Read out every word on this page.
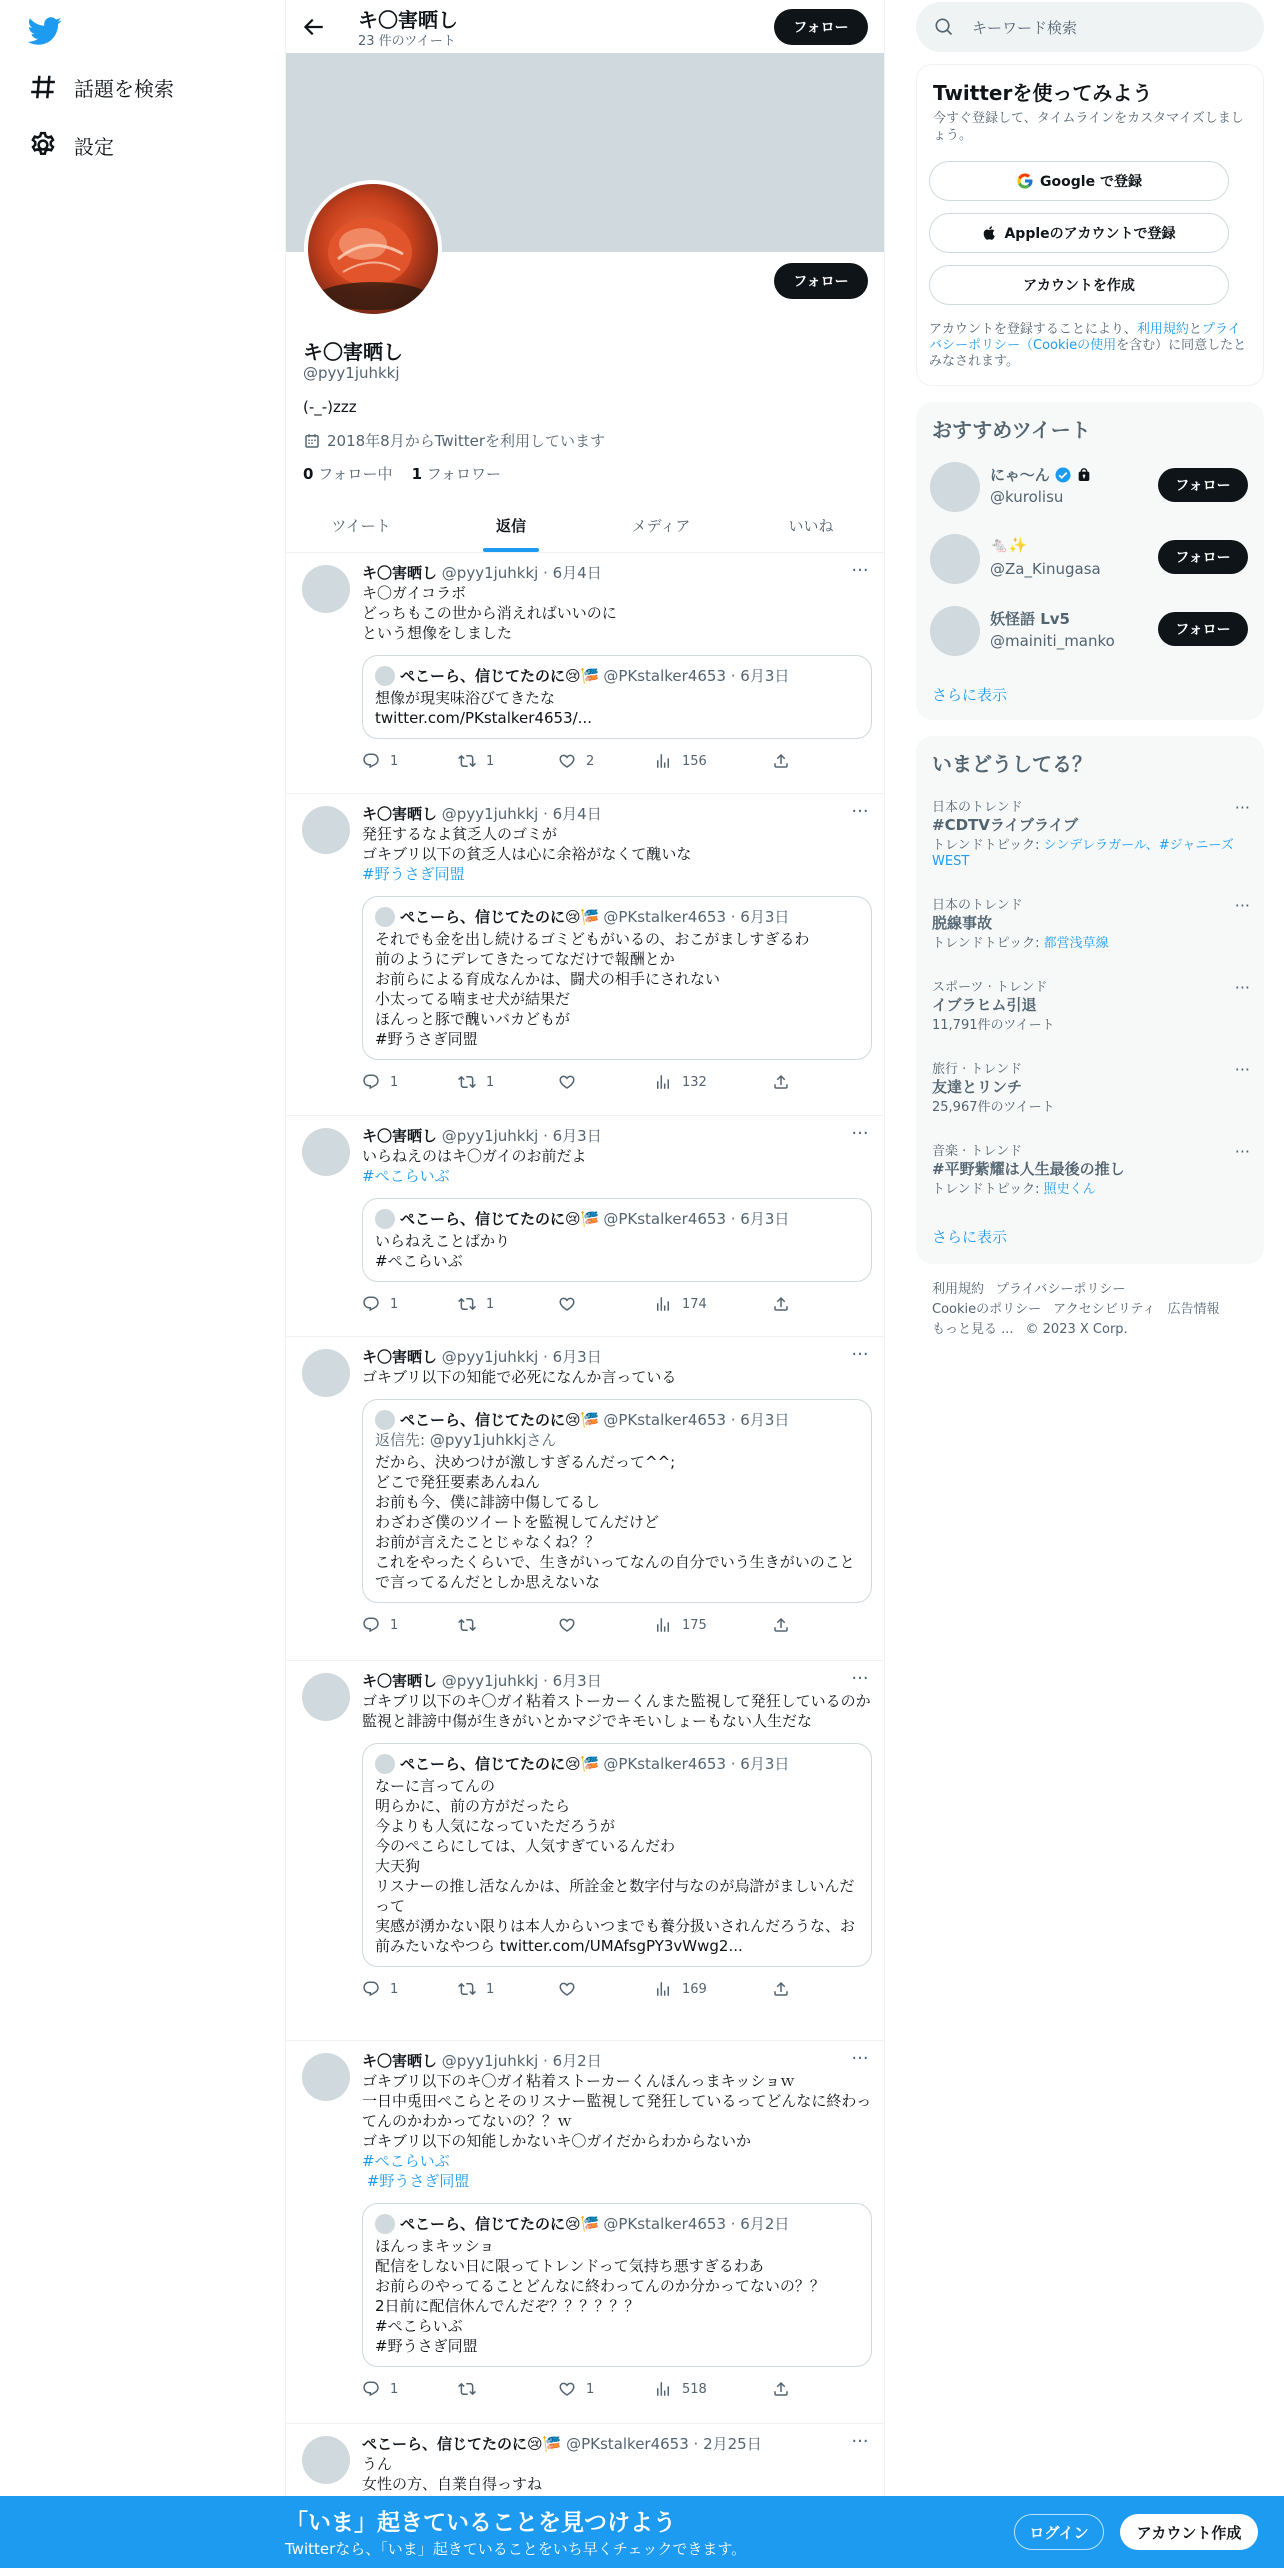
話題を検索
設定
キ〇害晒し
23 件のツイート
フォロー
フォロー
キ〇害晒し
@pyy1juhkkj
(-_-)zzz
2018年8月からTwitterを利用しています
0 フォロー中 1 フォロワー
ツイート	返信	メディア	いいね
···
キ〇害晒し @pyy1juhkkj · 6月4日
キ〇ガイコラボ
どっちもこの世から消えればいいのに
という想像をしました
ぺこーら、信じてたのに😢🎏 @PKstalker4653 · 6月3日
想像が現実味浴びてきたな
twitter.com/PKstalker4653/...
1	1	2	156
···
キ〇害晒し @pyy1juhkkj · 6月4日
発狂するなよ貧乏人のゴミが
ゴキブリ以下の貧乏人は心に余裕がなくて醜いな
#野うさぎ同盟
ぺこーら、信じてたのに😢🎏 @PKstalker4653 · 6月3日
それでも金を出し続けるゴミどもがいるの、おこがましすぎるわ
前のようにデレてきたってなだけで報酬とか
お前らによる育成なんかは、闘犬の相手にされない
小太ってる喃ませ犬が結果だ
ほんっと豚で醜いバカどもが
#野うさぎ同盟
1	1	132
···
キ〇害晒し @pyy1juhkkj · 6月3日
いらねえのはキ〇ガイのお前だよ
#ぺこらいぶ
ぺこーら、信じてたのに😢🎏 @PKstalker4653 · 6月3日
いらねえことばかり
#ぺこらいぶ
1	1	174
···
キ〇害晒し @pyy1juhkkj · 6月3日
ゴキブリ以下の知能で必死になんか言っている
ぺこーら、信じてたのに😢🎏 @PKstalker4653 · 6月3日
返信先: @pyy1juhkkjさん
だから、決めつけが激しすぎるんだって^^;
どこで発狂要素あんねん
お前も今、僕に誹謗中傷してるし
わざわざ僕のツイートを監視してんだけど
お前が言えたことじゃなくね？？
これをやったくらいで、生きがいってなんの自分でいう生きがいのことで言ってるんだとしか思えないな
1	175
···
キ〇害晒し @pyy1juhkkj · 6月3日
ゴキブリ以下のキ〇ガイ粘着ストーカーくんまた監視して発狂しているのか
監視と誹謗中傷が生きがいとかマジでキモいしょーもない人生だな
ぺこーら、信じてたのに😢🎏 @PKstalker4653 · 6月3日
なーに言ってんの
明らかに、前の方がだったら
今よりも人気になっていただろうが
今のぺこらにしては、人気すぎているんだわ
大天狗
リスナーの推し活なんかは、所詮金と数字付与なのが烏滸がましいんだって
実感が湧かない限りは本人からいつまでも養分扱いされんだろうな、お前みたいなやつら twitter.com/UMAfsgPY3vWwg2...
1	1	169
···
キ〇害晒し @pyy1juhkkj · 6月2日
ゴキブリ以下のキ〇ガイ粘着ストーカーくんほんっまキッショｗ
一日中兎田ぺこらとそのリスナー監視して発狂しているってどんなに終わってんのかわかってないの？？ｗ
ゴキブリ以下の知能しかないキ〇ガイだからわからないか
#ぺこらいぶ
#野うさぎ同盟
ぺこーら、信じてたのに😢🎏 @PKstalker4653 · 6月2日
ほんっまキッショ
配信をしない日に限ってトレンドって気持ち悪すぎるわあ
お前らのやってることどんなに終わってんのか分かってないの？？
2日前に配信休んでんだぞ？？？？？？
#ぺこらいぶ
#野うさぎ同盟
1	1	518
···
ぺこーら、信じてたのに😢🎏 @PKstalker4653 · 2月25日
うん
女性の方、自業自得っすね
キーワード検索
Twitterを使ってみよう
今すぐ登録して、タイムラインをカスタマイズしましょう。
Google で登録
Appleのアカウントで登録
アカウントを作成
アカウントを登録することにより、利用規約とプライバシーポリシー（Cookieの使用を含む）に同意したとみなされます。
おすすめツイート
にゃ～ん
@kurolisu
フォロー
🐁✨
@Za_Kinugasa
フォロー
妖怪語 Lv5
@mainiti_manko
フォロー
さらに表示
いまどうしてる？
日本のトレンド
#CDTVライブライブ
トレンドトピック: シンデレラガール、#ジャニーズWEST
···
日本のトレンド
脱線事故
トレンドトピック: 都営浅草線
···
スポーツ · トレンド
イブラヒム引退
11,791件のツイート
···
旅行 · トレンド
友達とリンチ
25,967件のツイート
···
音楽 · トレンド
#平野紫耀は人生最後の推し
トレンドトピック: 照史くん
···
さらに表示
利用規約 プライバシーポリシー Cookieのポリシー アクセシビリティ 広告情報 もっと見る ... © 2023 X Corp.
「いま」起きていることを見つけよう
Twitterなら、「いま」起きていることをいち早くチェックできます。
ログイン	アカウント作成
